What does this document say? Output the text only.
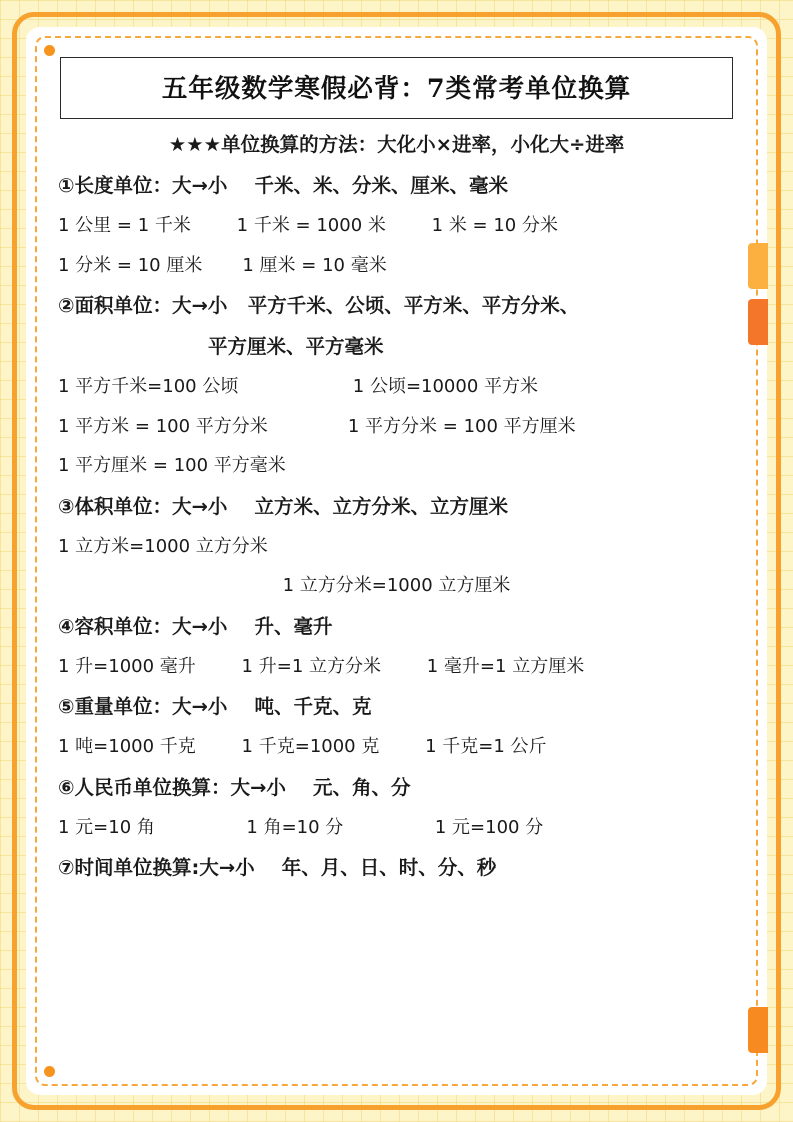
五年级数学寒假必背：7类常考单位换算
★★★单位换算的方法：大化小×进率，小化大÷进率
①长度单位：大→小    千米、米、分米、厘米、毫米
1 公里 = 1 千米        1 千米 = 1000 米        1 米 = 10 分米
1 分米 = 10 厘米       1 厘米 = 10 毫米
②面积单位：大→小   平方千米、公顷、平方米、平方分米、
平方厘米、平方毫米
1 平方千米=100 公顷                    1 公顷=10000 平方米
1 平方米 = 100 平方分米              1 平方分米 = 100 平方厘米
1 平方厘米 = 100 平方毫米
③体积单位：大→小    立方米、立方分米、立方厘米
1 立方米=1000 立方分米
1 立方分米=1000 立方厘米
④容积单位：大→小    升、毫升
1 升=1000 毫升        1 升=1 立方分米        1 毫升=1 立方厘米
⑤重量单位：大→小    吨、千克、克
1 吨=1000 千克        1 千克=1000 克        1 千克=1 公斤
⑥人民币单位换算：大→小    元、角、分
1 元=10 角                1 角=10 分                1 元=100 分
⑦时间单位换算:大→小    年、月、日、时、分、秒
